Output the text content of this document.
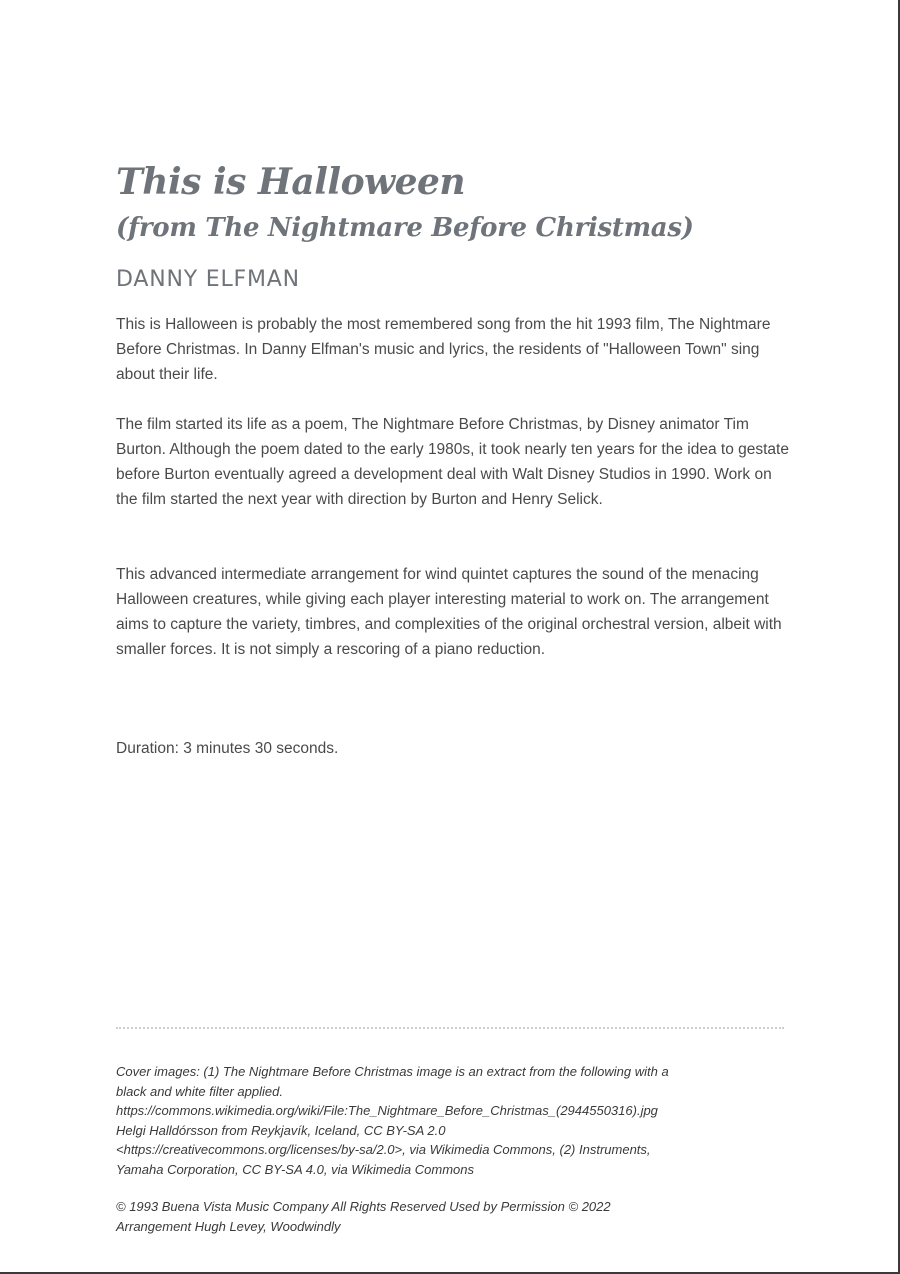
This is Halloween
(from The Nightmare Before Christmas)
DANNY ELFMAN

This is Halloween is probably the most remembered song from the hit 1993 film, The Nightmare Before Christmas. In Danny Elfman's music and lyrics, the residents of "Halloween Town" sing about their life.

The film started its life as a poem, The Nightmare Before Christmas, by Disney animator Tim Burton. Although the poem dated to the early 1980s, it took nearly ten years for the idea to gestate before Burton eventually agreed a development deal with Walt Disney Studios in 1990. Work on the film started the next year with direction by Burton and Henry Selick.

This advanced intermediate arrangement for wind quintet captures the sound of the menacing Halloween creatures, while giving each player interesting material to work on. The arrangement aims to capture the variety, timbres, and complexities of the original orchestral version, albeit with smaller forces. It is not simply a rescoring of a piano reduction.

Duration: 3 minutes 30 seconds.

Cover images: (1) The Nightmare Before Christmas image is an extract from the following with a
black and white filter applied.
https://commons.wikimedia.org/wiki/File:The_Nightmare_Before_Christmas_(2944550316).jpg
Helgi Halldórsson from Reykjavík, Iceland, CC BY-SA 2.0
<https://creativecommons.org/licenses/by-sa/2.0>, via Wikimedia Commons, (2) Instruments,
Yamaha Corporation, CC BY-SA 4.0, via Wikimedia Commons
© 1993 Buena Vista Music Company All Rights Reserved Used by Permission © 2022
Arrangement Hugh Levey, Woodwindly
